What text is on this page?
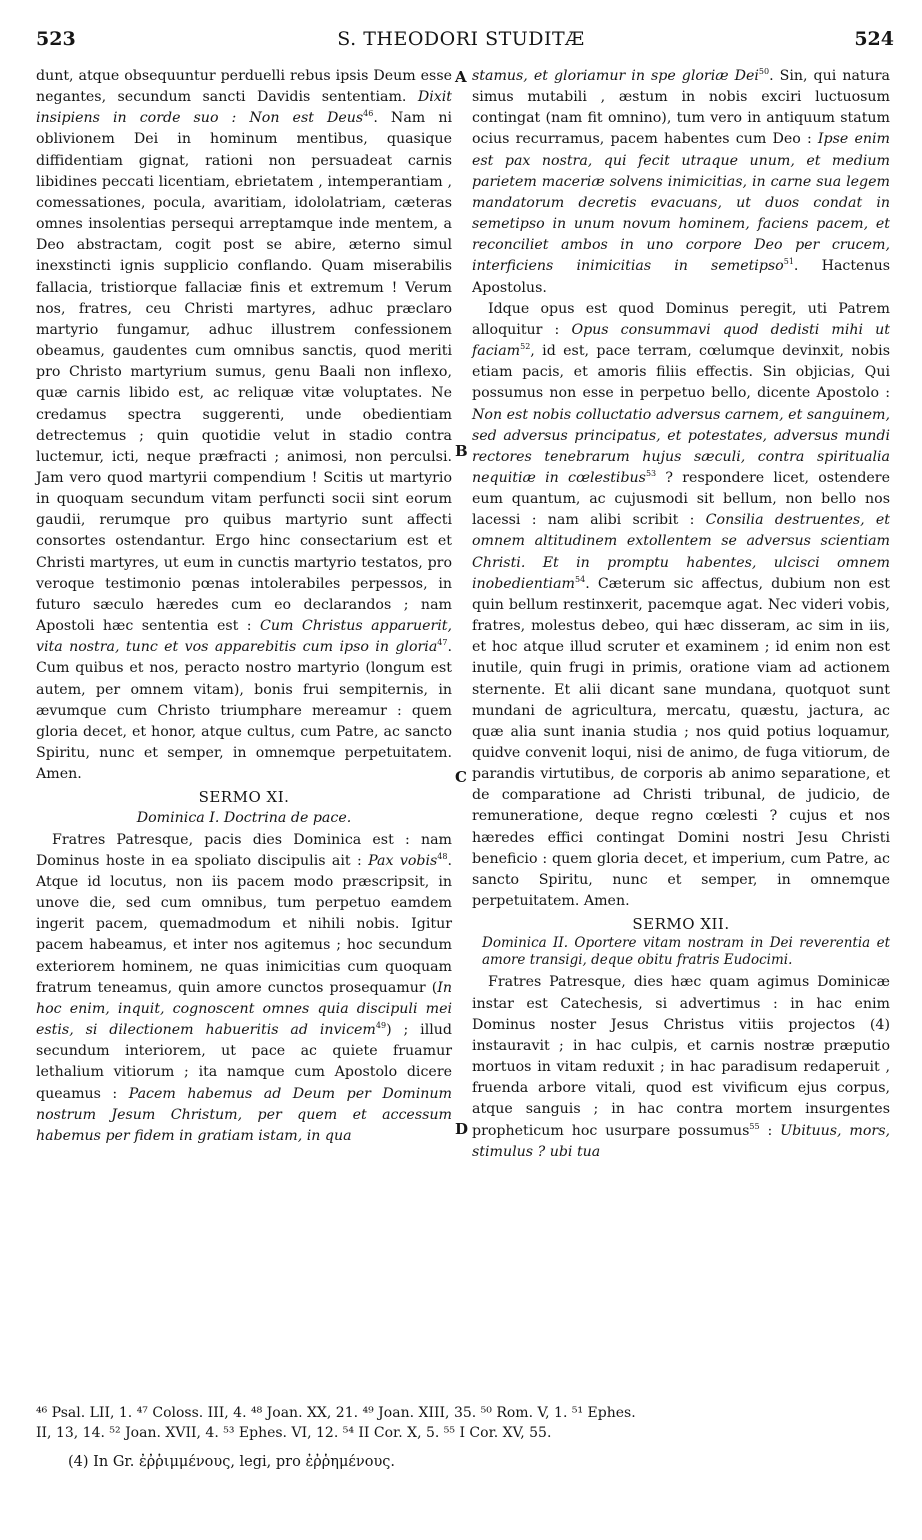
523	S. THEODORI STUDITÆ	524
A
B
C
D

dunt, atque obsequuntur perduelli rebus ipsis Deum esse negantes, secundum sancti Davidis sententiam. Dixit insipiens in corde suo : Non est Deus$^{46}$. Nam ni oblivionem Dei in hominum mentibus, quasique diffidentiam gignat, rationi non persuadeat carnis libidines peccati licentiam, ebrietatem , intemperantiam , comessationes, pocula, avaritiam, idololatriam, cæteras omnes insolentias persequi arreptamque inde mentem, a Deo abstractam, cogit post se abire, æterno simul inexstincti ignis supplicio conflando. Quam miserabilis fallacia, tristiorque fallaciæ finis et extremum ! Verum nos, fratres, ceu Christi martyres, adhuc præclaro martyrio fungamur, adhuc illustrem confessionem obeamus, gaudentes cum omnibus sanctis, quod meriti pro Christo martyrium sumus, genu Baali non inflexo, quæ carnis libido est, ac reliquæ vitæ voluptates. Ne credamus spectra suggerenti, unde obedientiam detrectemus ; quin quotidie velut in stadio contra luctemur, icti, neque præfracti ; animosi, non perculsi. Jam vero quod martyrii compendium ! Scitis ut martyrio in quoquam secundum vitam perfuncti socii sint eorum gaudii, rerumque pro quibus martyrio sunt affecti consortes ostendantur. Ergo hinc consectarium est et Christi martyres, ut eum in cunctis martyrio testatos, pro veroque testimonio pœnas intolerabiles perpessos, in futuro sæculo hæredes cum eo declarandos ; nam Apostoli hæc sententia est : Cum Christus apparuerit, vita nostra, tunc et vos apparebitis cum ipso in gloria$^{47}$. Cum quibus et nos, peracto nostro martyrio (longum est autem, per omnem vitam), bonis frui sempiternis, in ævumque cum Christo triumphare mereamur : quem gloria decet, et honor, atque cultus, cum Patre, ac sancto Spiritu, nunc et semper, in omnemque perpetuitatem. Amen.

SERMO XI.
Dominica I. Doctrina de pace.

Fratres Patresque, pacis dies Dominica est : nam Dominus hoste in ea spoliato discipulis ait : Pax vobis$^{48}$. Atque id locutus, non iis pacem modo præscripsit, in unove die, sed cum omnibus, tum perpetuo eamdem ingerit pacem, quemadmodum et nihili nobis. Igitur pacem habeamus, et inter nos agitemus ; hoc secundum exteriorem hominem, ne quas inimicitias cum quoquam fratrum teneamus, quin amore cunctos prosequamur (In hoc enim, inquit, cognoscent omnes quia discipuli mei estis, si dilectionem habueritis ad invicem$^{49}$) ; illud secundum interiorem, ut pace ac quiete fruamur lethalium vitiorum ; ita namque cum Apostolo dicere queamus : Pacem habemus ad Deum per Dominum nostrum Jesum Christum, per quem et accessum habemus per fidem in gratiam istam, in qua

stamus, et gloriamur in spe gloriæ Dei$^{50}$. Sin, qui natura simus mutabili , æstum in nobis exciri luctuosum contingat (nam fit omnino), tum vero in antiquum statum ocius recurramus, pacem habentes cum Deo : Ipse enim est pax nostra, qui fecit utraque unum, et medium parietem maceriæ solvens inimicitias, in carne sua legem mandatorum decretis evacuans, ut duos condat in semetipso in unum novum hominem, faciens pacem, et reconciliet ambos in uno corpore Deo per crucem, interficiens inimicitias in semetipso$^{51}$. Hactenus Apostolus.

Idque opus est quod Dominus peregit, uti Patrem alloquitur : Opus consummavi quod dedisti mihi ut faciam$^{52}$, id est, pace terram, cœlumque devinxit, nobis etiam pacis, et amoris filiis effectis. Sin objicias, Qui possumus non esse in perpetuo bello, dicente Apostolo : Non est nobis colluctatio adversus carnem, et sanguinem, sed adversus principatus, et potestates, adversus mundi rectores tenebrarum hujus sæculi, contra spiritualia nequitiæ in cœlestibus$^{53}$ ? respondere licet, ostendere eum quantum, ac cujusmodi sit bellum, non bello nos lacessi : nam alibi scribit : Consilia destruentes, et omnem altitudinem extollentem se adversus scientiam Christi. Et in promptu habentes, ulcisci omnem inobedientiam$^{54}$. Cæterum sic affectus, dubium non est quin bellum restinxerit, pacemque agat. Nec videri vobis, fratres, molestus debeo, qui hæc disseram, ac sim in iis, et hoc atque illud scruter et examinem ; id enim non est inutile, quin frugi in primis, oratione viam ad actionem sternente. Et alii dicant sane mundana, quotquot sunt mundani de agricultura, mercatu, quæstu, jactura, ac quæ alia sunt inania studia ; nos quid potius loquamur, quidve convenit loqui, nisi de animo, de fuga vitiorum, de parandis virtutibus, de corporis ab animo separatione, et de comparatione ad Christi tribunal, de judicio, de remuneratione, deque regno cœlesti ? cujus et nos hæredes effici contingat Domini nostri Jesu Christi beneficio : quem gloria decet, et imperium, cum Patre, ac sancto Spiritu, nunc et semper, in omnemque perpetuitatem. Amen.

SERMO XII.
Dominica II. Oportere vitam nostram in Dei reverentia et amore transigi, deque obitu fratris Eudocimi.

Fratres Patresque, dies hæc quam agimus Dominicæ instar est Catechesis, si advertimus : in hac enim Dominus noster Jesus Christus vitiis projectos (4) instauravit ; in hac culpis, et carnis nostræ præputio mortuos in vitam reduxit ; in hac paradisum redaperuit , fruenda arbore vitali, quod est vivificum ejus corpus, atque sanguis ; in hac contra mortem insurgentes propheticum hoc usurpare possumus$^{55}$ : Ubituus, mors, stimulus ? ubi tua

⁴⁶ Psal. LII, 1. ⁴⁷ Coloss. III, 4. ⁴⁸ Joan. XX, 21. ⁴⁹ Joan. XIII, 35. ⁵⁰ Rom. V, 1. ⁵¹ Ephes.
II, 13, 14. ⁵² Joan. XVII, 4. ⁵³ Ephes. VI, 12. ⁵⁴ II Cor. X, 5. ⁵⁵ I Cor. XV, 55.
(4) In Gr. ἐῤῥιμμένους, legi, pro ἐῤῥημένους.
